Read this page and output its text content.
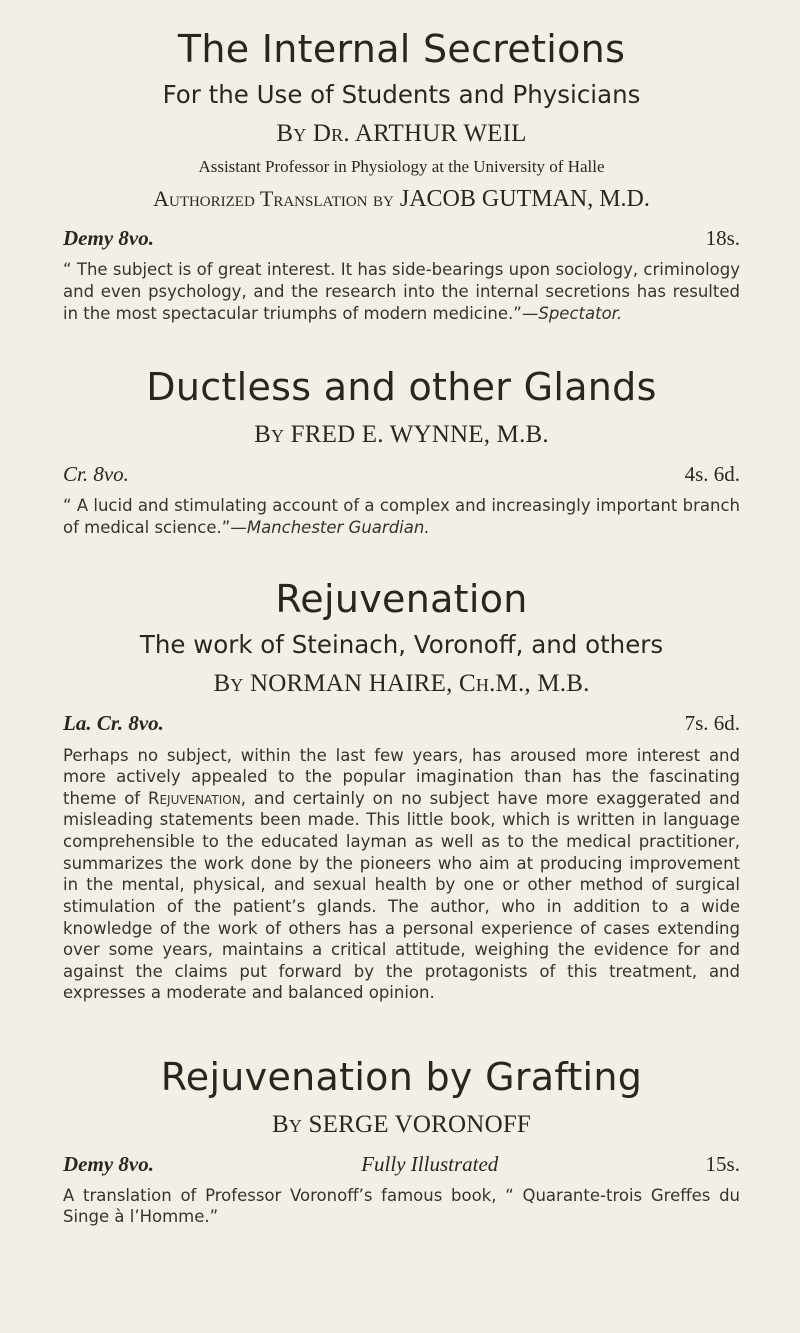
The Internal Secretions

For the Use of Students and Physicians

By Dr. ARTHUR WEIL

Assistant Professor in Physiology at the University of Halle

Authorized Translation by JACOB GUTMAN, M.D.

Demy 8vo.	18s.

“ The subject is of great interest. It has side-bearings upon sociology, criminology and even psychology, and the research into the internal secretions has resulted in the most spectacular triumphs of modern medicine.”—Spectator.

Ductless and other Glands

By FRED E. WYNNE, M.B.

Cr. 8vo.	4s. 6d.

“ A lucid and stimulating account of a complex and increasingly important branch of medical science.”—Manchester Guardian.

Rejuvenation

The work of Steinach, Voronoff, and others

By NORMAN HAIRE, Ch.M., M.B.

La. Cr. 8vo.	7s. 6d.

Perhaps no subject, within the last few years, has aroused more interest and more actively appealed to the popular imagination than has the fascinating theme of Rejuvenation, and certainly on no subject have more exaggerated and misleading statements been made. This little book, which is written in language comprehensible to the educated layman as well as to the medical practitioner, summarizes the work done by the pioneers who aim at producing improvement in the mental, physical, and sexual health by one or other method of surgical stimulation of the patient’s glands. The author, who in addition to a wide knowledge of the work of others has a personal experience of cases extending over some years, maintains a critical attitude, weighing the evidence for and against the claims put forward by the protagonists of this treatment, and expresses a moderate and balanced opinion.

Rejuvenation by Grafting

By SERGE VORONOFF

Demy 8vo.	Fully Illustrated	15s.

A translation of Professor Voronoff’s famous book, “ Quarante-trois Greffes du Singe à l’Homme.”
